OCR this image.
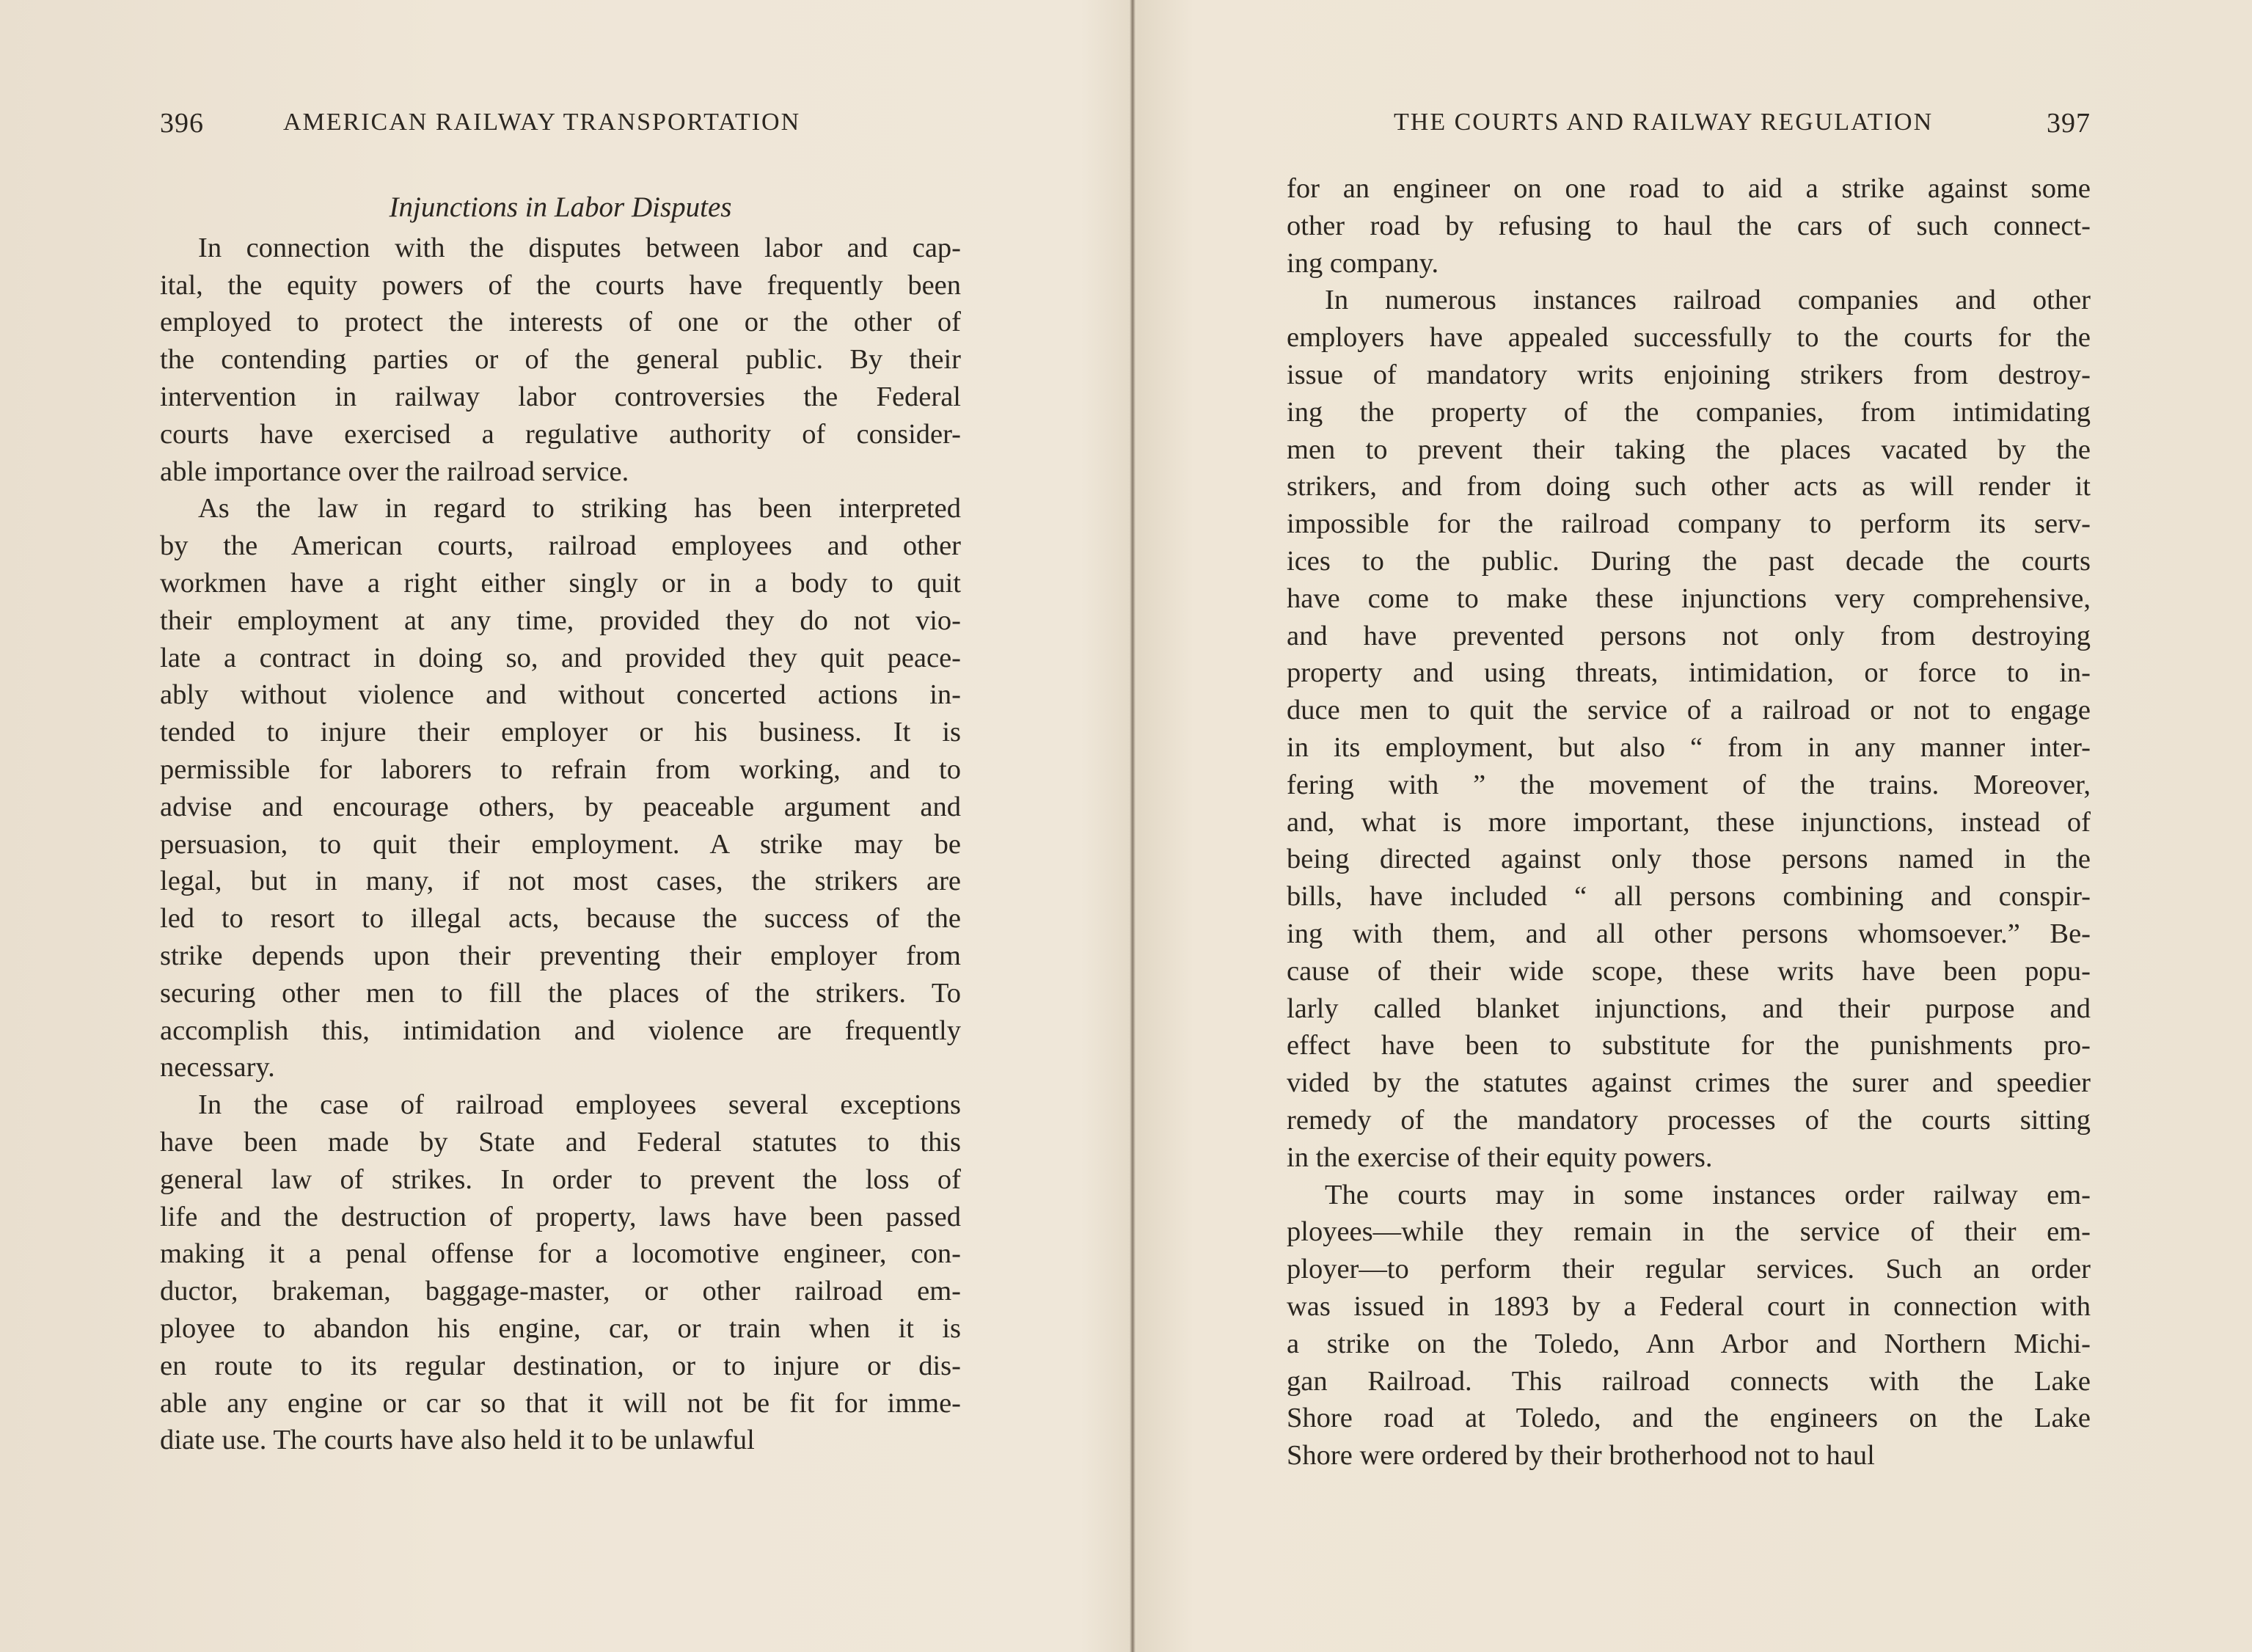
396	AMERICAN RAILWAY TRANSPORTATION
Injunctions in Labor Disputes

In connection with the disputes between labor and cap-
ital, the equity powers of the courts have frequently been
employed to protect the interests of one or the other of
the contending parties or of the general public. By their
intervention in railway labor controversies the Federal
courts have exercised a regulative authority of consider-
able importance over the railroad service.

As the law in regard to striking has been interpreted
by the American courts, railroad employees and other
workmen have a right either singly or in a body to quit
their employment at any time, provided they do not vio-
late a contract in doing so, and provided they quit peace-
ably without violence and without concerted actions in-
tended to injure their employer or his business. It is
permissible for laborers to refrain from working, and to
advise and encourage others, by peaceable argument and
persuasion, to quit their employment. A strike may be
legal, but in many, if not most cases, the strikers are
led to resort to illegal acts, because the success of the
strike depends upon their preventing their employer from
securing other men to fill the places of the strikers. To
accomplish this, intimidation and violence are frequently
necessary.

In the case of railroad employees several exceptions
have been made by State and Federal statutes to this
general law of strikes. In order to prevent the loss of
life and the destruction of property, laws have been passed
making it a penal offense for a locomotive engineer, con-
ductor, brakeman, baggage-master, or other railroad em-
ployee to abandon his engine, car, or train when it is
en route to its regular destination, or to injure or dis-
able any engine or car so that it will not be fit for imme-
diate use. The courts have also held it to be unlawful

THE COURTS AND RAILWAY REGULATION	397

for an engineer on one road to aid a strike against some
other road by refusing to haul the cars of such connect-
ing company.

In numerous instances railroad companies and other
employers have appealed successfully to the courts for the
issue of mandatory writs enjoining strikers from destroy-
ing the property of the companies, from intimidating
men to prevent their taking the places vacated by the
strikers, and from doing such other acts as will render it
impossible for the railroad company to perform its serv-
ices to the public. During the past decade the courts
have come to make these injunctions very comprehensive,
and have prevented persons not only from destroying
property and using threats, intimidation, or force to in-
duce men to quit the service of a railroad or not to engage
in its employment, but also “ from in any manner inter-
fering with ” the movement of the trains. Moreover,
and, what is more important, these injunctions, instead of
being directed against only those persons named in the
bills, have included “ all persons combining and conspir-
ing with them, and all other persons whomsoever.” Be-
cause of their wide scope, these writs have been popu-
larly called blanket injunctions, and their purpose and
effect have been to substitute for the punishments pro-
vided by the statutes against crimes the surer and speedier
remedy of the mandatory processes of the courts sitting
in the exercise of their equity powers.

The courts may in some instances order railway em-
ployees—while they remain in the service of their em-
ployer—to perform their regular services. Such an order
was issued in 1893 by a Federal court in connection with
a strike on the Toledo, Ann Arbor and Northern Michi-
gan Railroad. This railroad connects with the Lake
Shore road at Toledo, and the engineers on the Lake
Shore were ordered by their brotherhood not to haul
